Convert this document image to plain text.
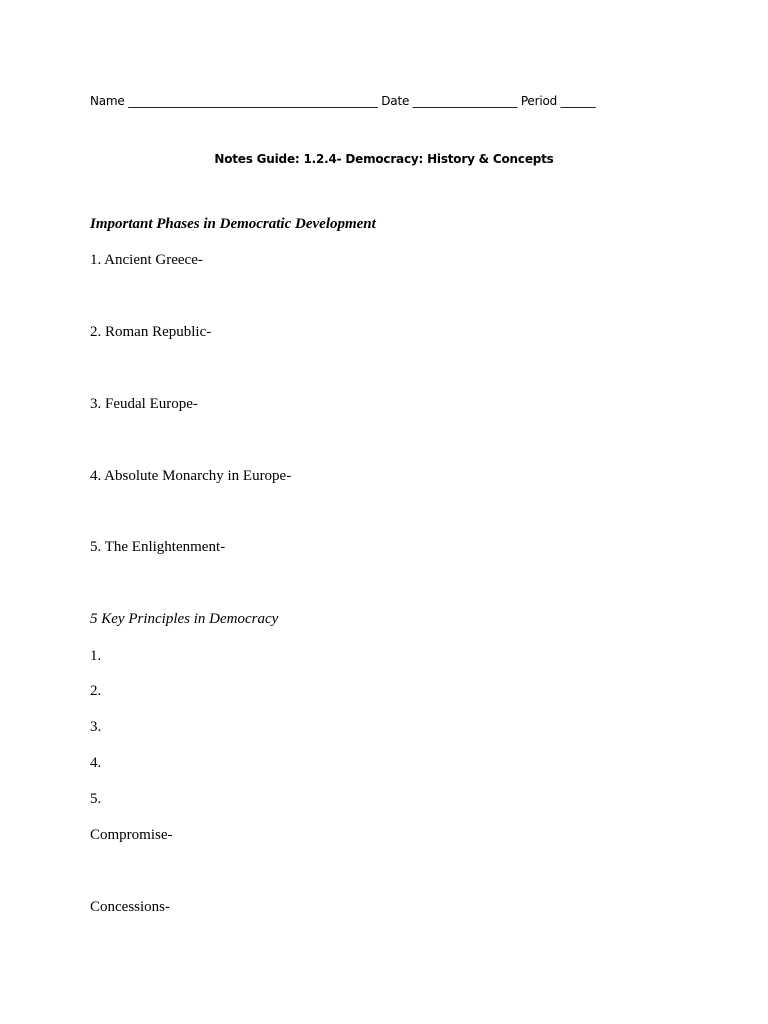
Name ___________________________________________ Date __________________ Period ______
Notes Guide: 1.2.4- Democracy: History & Concepts
Important Phases in Democratic Development
1. Ancient Greece-
2. Roman Republic-
3. Feudal Europe-
4. Absolute Monarchy in Europe-
5. The Enlightenment-
5 Key Principles in Democracy
1.
2.
3.
4.
5.
Compromise-
Concessions-
